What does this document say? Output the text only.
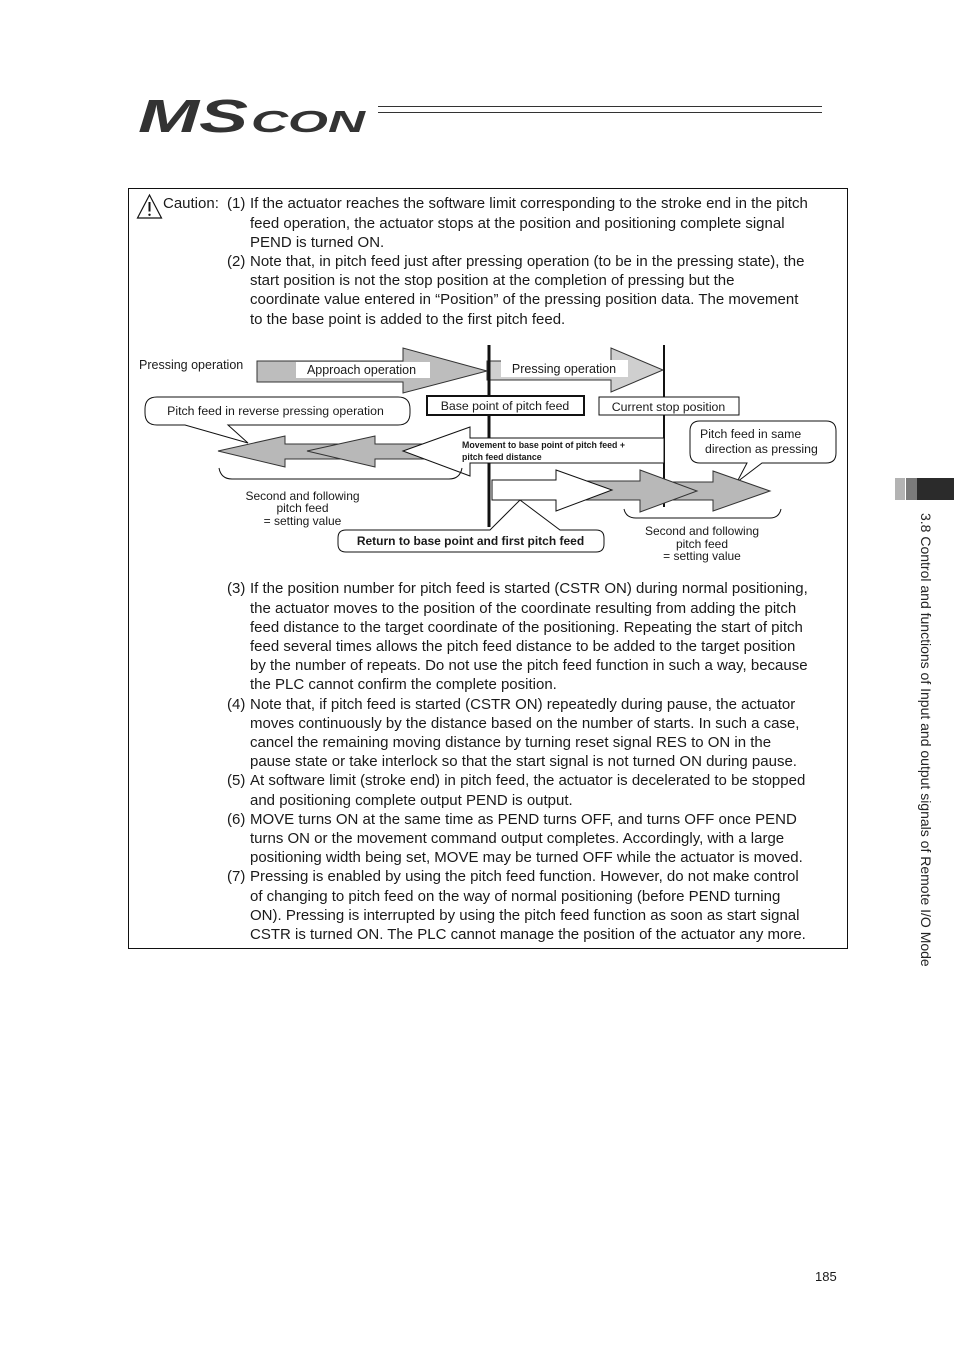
MS CON
3.8 Control and functions of Input and output signals of Remote I/O Mode
Caution: (1) If the actuator reaches the software limit corresponding to the stroke end in the pitch
feed operation, the actuator stops at the position and positioning complete signal
PEND is turned ON.
(2) Note that, in pitch feed just after pressing operation (to be in the pressing state), the
start position is not the stop position at the completion of pressing but the
coordinate value entered in “Position” of the pressing position data. The movement
to the base point is added to the first pitch feed.
(3) If the position number for pitch feed is started (CSTR ON) during normal positioning,
the actuator moves to the position of the coordinate resulting from adding the pitch
feed distance to the target coordinate of the positioning. Repeating the start of pitch
feed several times allows the pitch feed distance to be added to the target position
by the number of repeats. Do not use the pitch feed function in such a way, because
the PLC cannot confirm the complete position.
(4) Note that, if pitch feed is started (CSTR ON) repeatedly during pause, the actuator
moves continuously by the distance based on the number of starts. In such a case,
cancel the remaining moving distance by turning reset signal RES to ON in the
pause state or take interlock so that the start signal is not turned ON during pause.
(5) At software limit (stroke end) in pitch feed, the actuator is decelerated to be stopped
and positioning complete output PEND is output.
(6) MOVE turns ON at the same time as PEND turns OFF, and turns OFF once PEND
turns ON or the movement command output completes. Accordingly, with a large
positioning width being set, MOVE may be turned OFF while the actuator is moved.
(7) Pressing is enabled by using the pitch feed function. However, do not make control
of changing to pitch feed on the way of normal positioning (before PEND turning
ON). Pressing is interrupted by using the pitch feed function as soon as start signal
CSTR is turned ON. The PLC cannot manage the position of the actuator any more.
Pressing operation	Approach operation	Pressing operation
Base point of pitch feed	Current stop position
Pitch feed in reverse pressing operation
Pitch feed in same
direction as pressing
Movement to base point of pitch feed +
pitch feed distance
Second and following
pitch feed
= setting value
Second and following
pitch feed
= setting value
Return to base point and first pitch feed
185
